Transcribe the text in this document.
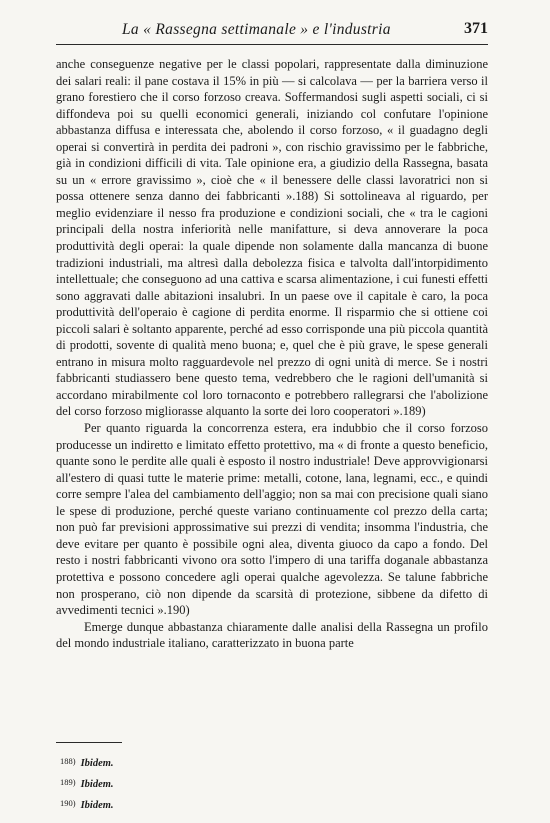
La « Rassegna settimanale » e l'industria	371

anche conseguenze negative per le classi popolari, rappresentate dalla diminuzione dei salari reali: il pane costava il 15% in più — si calcolava — per la barriera verso il grano forestiero che il corso forzoso creava. Soffermandosi sugli aspetti sociali, ci si diffondeva poi su quelli economici generali, iniziando col confutare l'opinione abbastanza diffusa e interessata che, abolendo il corso forzoso, « il guadagno degli operai si convertirà in perdita dei padroni », con rischio gravissimo per le fabbriche, già in condizioni difficili di vita. Tale opinione era, a giudizio della Rassegna, basata su un « errore gravissimo », cioè che « il benessere delle classi lavoratrici non si possa ottenere senza danno dei fabbricanti ».188) Si sottolineava al riguardo, per meglio evidenziare il nesso fra produzione e condizioni sociali, che « tra le cagioni principali della nostra inferiorità nelle manifatture, si deva annoverare la poca produttività degli operai: la quale dipende non solamente dalla mancanza di buone tradizioni industriali, ma altresì dalla debolezza fisica e talvolta dall'intorpidimento intellettuale; che conseguono ad una cattiva e scarsa alimentazione, i cui funesti effetti sono aggravati dalle abitazioni insalubri. In un paese ove il capitale è caro, la poca produttività dell'operaio è cagione di perdita enorme. Il risparmio che si ottiene coi piccoli salari è soltanto apparente, perché ad esso corrisponde una più piccola quantità di prodotti, sovente di qualità meno buona; e, quel che è più grave, le spese generali entrano in misura molto ragguardevole nel prezzo di ogni unità di merce. Se i nostri fabbricanti studiassero bene questo tema, vedrebbero che le ragioni dell'umanità si accordano mirabilmente col loro tornaconto e potrebbero rallegrarsi che l'abolizione del corso forzoso migliorasse alquanto la sorte dei loro cooperatori ».189)

Per quanto riguarda la concorrenza estera, era indubbio che il corso forzoso producesse un indiretto e limitato effetto protettivo, ma « di fronte a questo beneficio, quante sono le perdite alle quali è esposto il nostro industriale! Deve approvvigionarsi all'estero di quasi tutte le materie prime: metalli, cotone, lana, legnami, ecc., e quindi corre sempre l'alea del cambiamento dell'aggio; non sa mai con precisione quali siano le spese di produzione, perché queste variano continuamente col prezzo della carta; non può far previsioni approssimative sui prezzi di vendita; insomma l'industria, che deve evitare per quanto è possibile ogni alea, diventa giuoco da capo a fondo. Del resto i nostri fabbricanti vivono ora sotto l'impero di una tariffa doganale abbastanza protettiva e possono concedere agli operai qualche agevolezza. Se talune fabbriche non prosperano, ciò non dipende da scarsità di protezione, sibbene da difetto di avvedimenti tecnici ».190)

Emerge dunque abbastanza chiaramente dalle analisi della Rassegna un profilo del mondo industriale italiano, caratterizzato in buona parte

188) Ibidem.
189) Ibidem.
190) Ibidem.
